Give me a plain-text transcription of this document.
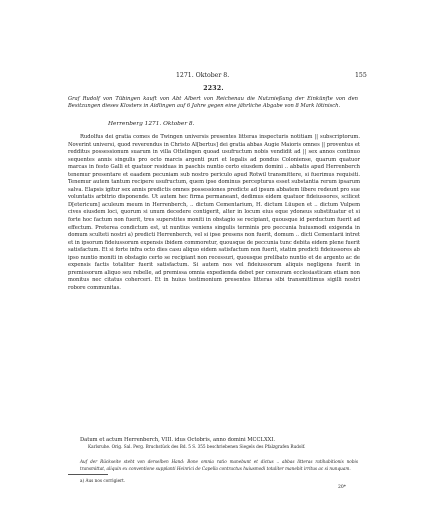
1271. Oktober 8.	155
2232.
Graf Rudolf von Tübingen kauft von Abt Albert von Reichenau die Nutznießung der Einkünfte von den Besitzungen dieses Klosters in Aidlingen auf 6 Jahre gegen eine jährliche Abgabe von 8 Mark lötinisch.
Herrenberg 1271. Oktober 8.

Rudolfus dei gratia comes de Twingen universis presentes litteras inspecturis notitiam || subscriptorum. Noverint universi, quod reverendus in Christo Al[bertus] dei gratia abbas Augie Maioris omnes || proventus et redditus possessionum suarum in villa Ottelingen quoad usufructum nobis vendidit ad || sex annos continuo sequentes annis singulis pro octo marcis argenti puri et legalis ad pondus Coloniense, quarum quatuor marcas in festo Galli et quatuor residuas in paschis nuntio certo eiusdem domini .. abbatis apud Herrenberch tenemur presentare et eaadem pecuniam sub nostro periculo apud Rotwil transmittere, si fuerimus requisiti. Tenemur autem tantum recipere usufructum, quem ipse dominus percepturus esset substantia rerum ipsarum salva. Elapsis igitur sex annis predictis omnes possessiones predicte ad ipsum abbatem libere redeunt pro sue voluntatis arbitrio disponende. Ut autem hec firma permaneant, dedimus eidem quatuor fideiussores, scilicet D[etericum] aculeum meum in Herrenberch, .. dictum Cementarium, H. dictum Lüupen et .. dictum Vulpem cives eiusdem loci, quorum si unum decedere contigerit, alter in locum eius eque ydoneus substituatur et si forte hoc factum non fuerit, tres superstites moniti in obstagio se recipiant, quousque id perductum fuerit ad effectum. Preterea condictum est, ut nuntius veniens singulis terminis pro peccunia huiusmodi exigenda in domum sculteti nostri a) predicti Herrenberch, vel si ipse presens non fuerit, domum .. dicti Cementarii intret et in ipsorum fideiussorum expensis ibidem commoretur, quousque de peccunia tunc debita eidem plene fuerit satisfactum. Et si forte infra octo dies casu aliquo eidem satisfactum non fuerit, statim predicti fideiussores ab ipso nuntio moniti in obstagio certo se recipiant non recessuri, quousque prelibato nuntio et de argento ac de expensis factis totaliter fuerit satisfactum. Si autem nos vel fideiussorum aliquis negligens fuerit in premissorum aliquo seu rebelle, ad premissa omnia expedienda debet per censuram ecclesiasticam etiam non monitus nec citatus coherceri. Et in huius testimonium presentes litteras sibi transmittimus sigilli nostri robore communitas.

Datum et actum Herrenberch, VIII. idus Octobris, anno domini MCCLXXI.
Karlsruhe. Orig. Sal. Perg. Bruchstück des Bd. 5 S. 355 beschriebenen Siegels des Pfalzgrafen Rudolf.
Auf der Rückseite steht von derselben Hand: Bone omnia ratio manebunt et dictus .. abbas litteras ratihabitionis nobis transmittat, aliquin ex conventione supplanti Heinrici de Capella contractus huiusmodi totaliter manebit irritus ac si nunquam.
a) Aus nos corrigiert.
20*
